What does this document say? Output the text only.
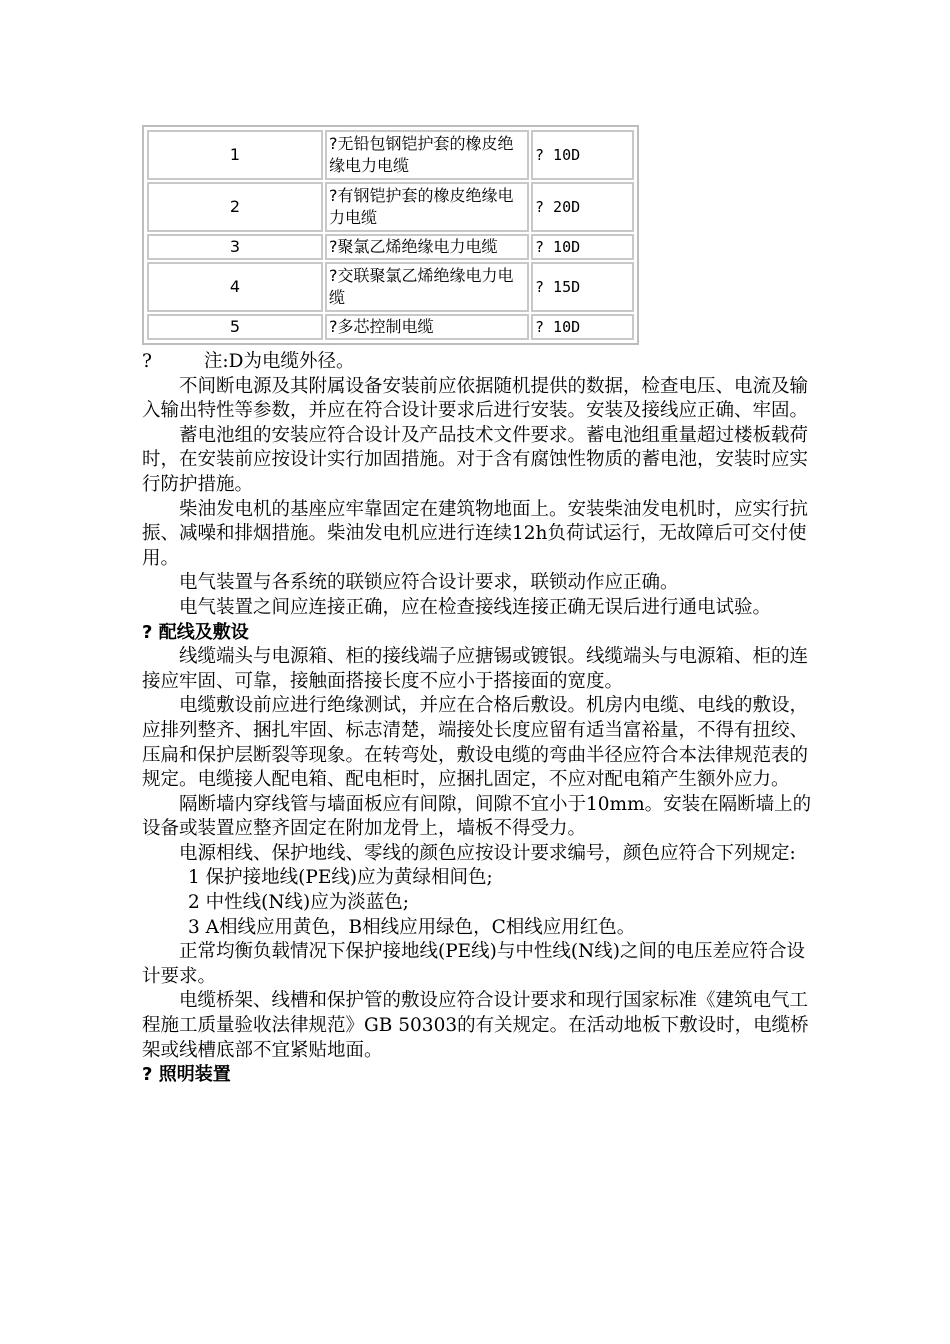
1	?无铅包钢铠护套的橡皮绝缘电力电缆	? 10D
2	?有钢铠护套的橡皮绝缘电力电缆	? 20D
3	?聚氯乙烯绝缘电力电缆	? 10D
4	?交联聚氯乙烯绝缘电力电缆	? 15D
5	?多芯控制电缆	? 10D

?	注:D为电缆外径。

不间断电源及其附属设备安装前应依据随机提供的数据，检查电压、电流及输入输出特性等参数，并应在符合设计要求后进行安装。安装及接线应正确、牢固。

蓄电池组的安装应符合设计及产品技术文件要求。蓄电池组重量超过楼板载荷时，在安装前应按设计实行加固措施。对于含有腐蚀性物质的蓄电池，安装时应实行防护措施。

柴油发电机的基座应牢靠固定在建筑物地面上。安装柴油发电机时，应实行抗振、减噪和排烟措施。柴油发电机应进行连续12h负荷试运行，无故障后可交付使用。

电气装置与各系统的联锁应符合设计要求，联锁动作应正确。

电气装置之间应连接正确，应在检查接线连接正确无误后进行通电试验。

? 配线及敷设

线缆端头与电源箱、柜的接线端子应搪锡或镀银。线缆端头与电源箱、柜的连接应牢固、可靠，接触面搭接长度不应小于搭接面的宽度。

电缆敷设前应进行绝缘测试，并应在合格后敷设。机房内电缆、电线的敷设，应排列整齐、捆扎牢固、标志清楚，端接处长度应留有适当富裕量，不得有扭绞、压扁和保护层断裂等现象。在转弯处，敷设电缆的弯曲半径应符合本法律规范表的规定。电缆接人配电箱、配电柜时，应捆扎固定，不应对配电箱产生额外应力。

隔断墙内穿线管与墙面板应有间隙，间隙不宜小于10mm。安装在隔断墙上的设备或装置应整齐固定在附加龙骨上，墙板不得受力。

电源相线、保护地线、零线的颜色应按设计要求编号，颜色应符合下列规定:

1 保护接地线(PE线)应为黄绿相间色;

2 中性线(N线)应为淡蓝色;

3 A相线应用黄色，B相线应用绿色，C相线应用红色。

正常均衡负载情况下保护接地线(PE线)与中性线(N线)之间的电压差应符合设计要求。

电缆桥架、线槽和保护管的敷设应符合设计要求和现行国家标准《建筑电气工程施工质量验收法律规范》GB 50303的有关规定。在活动地板下敷设时，电缆桥架或线槽底部不宜紧贴地面。

? 照明装置
